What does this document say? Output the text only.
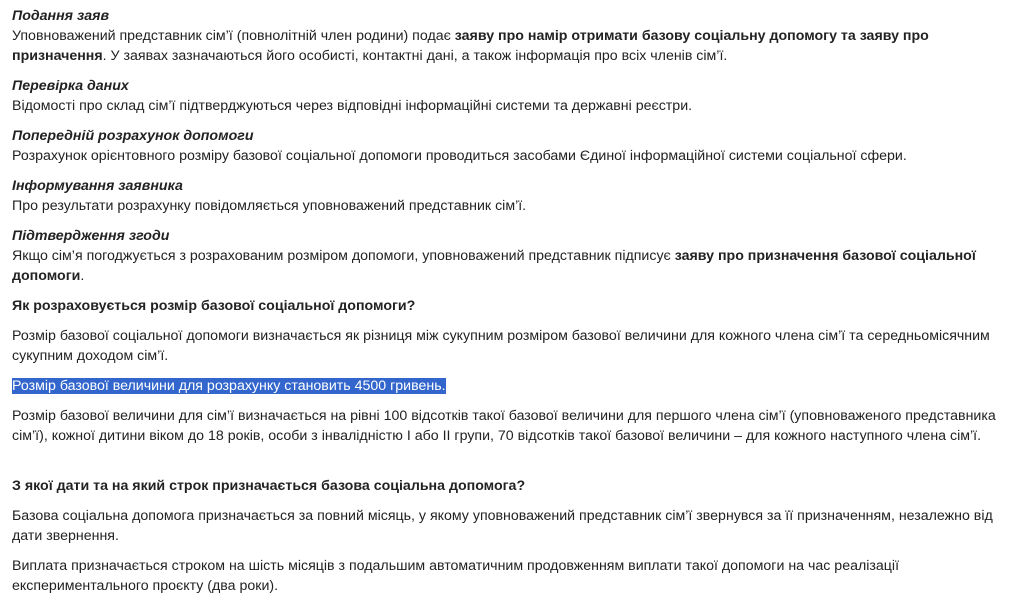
Подання заяв
Уповноважений представник сім’ї (повнолітній член родини) подає заяву про намір отримати базову соціальну допомогу та заяву про призначення. У заявах зазначаються його особисті, контактні дані, а також інформація про всіх членів сім’ї.
Перевірка даних
Відомості про склад сім’ї підтверджуються через відповідні інформаційні системи та державні реєстри.
Попередній розрахунок допомоги
Розрахунок орієнтовного розміру базової соціальної допомоги проводиться засобами Єдиної інформаційної системи соціальної сфери.
Інформування заявника
Про результати розрахунку повідомляється уповноважений представник сім’ї.
Підтвердження згоди
Якщо сім’я погоджується з розрахованим розміром допомоги, уповноважений представник підписує заяву про призначення базової соціальної допомоги.

Як розраховується розмір базової соціальної допомоги?

Розмір базової соціальної допомоги визначається як різниця між сукупним розміром базової величини для кожного члена сім’ї та середньомісячним сукупним доходом сім’ї.

Розмір базової величини для розрахунку становить 4500 гривень.

Розмір базової величини для сім’ї визначається на рівні 100 відсотків такої базової величини для першого члена сім’ї (уповноваженого представника сім’ї), кожної дитини віком до 18 років, особи з інвалідністю I або II групи, 70 відсотків такої базової величини – для кожного наступного члена сім’ї.

З якої дати та на який строк призначається базова соціальна допомога?

Базова соціальна допомога призначається за повний місяць, у якому уповноважений представник сім’ї звернувся за її призначенням, незалежно від дати звернення.

Виплата призначається строком на шість місяців з подальшим автоматичним продовженням виплати такої допомоги на час реалізації експериментального проєкту (два роки).
